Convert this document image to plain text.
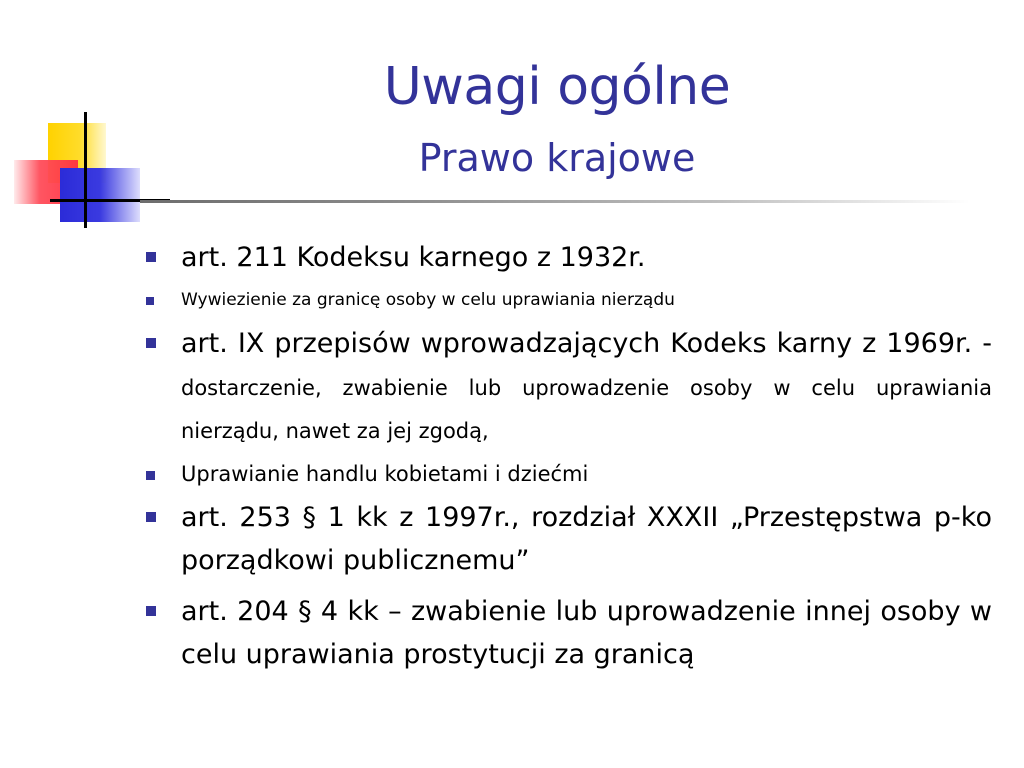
Uwagi ogólne
Prawo krajowe
art. 211 Kodeksu karnego z 1932r.
Wywiezienie za granicę osoby w celu uprawiania nierządu
art. IX przepisów wprowadzających Kodeks karny z 1969r. - dostarczenie, zwabienie lub uprowadzenie osoby w celu uprawiania nierządu, nawet za jej zgodą,
Uprawianie handlu kobietami i dziećmi
art. 253 § 1 kk z 1997r., rozdział XXXII „Przestępstwa p-ko porządkowi publicznemu”
art. 204 § 4 kk – zwabienie lub uprowadzenie innej osoby w celu uprawiania prostytucji za granicą
